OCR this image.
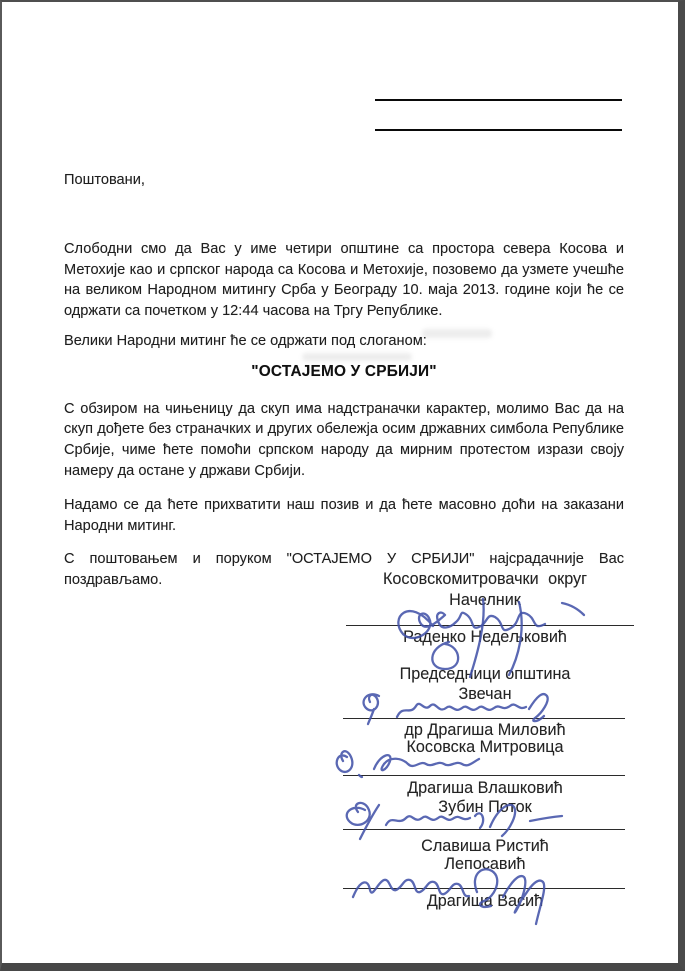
Поштовани,

Слободни смо да Вас у име четири општине са простора севера Косова и Метохије као и српског народа са Косова и Метохије, позовемо да узмете учешће на великом Народном митингу Срба у Београду 10. маја 2013. године који ће се одржати са почетком у 12:44 часова на Тргу Републике.

Велики Народни митинг ће се одржати под слоганом:

"ОСТАЈЕМО У СРБИЈИ"

С обзиром на чињеницу да скуп има надстраначки карактер, молимо Вас да на скуп дођете без страначких и других обележја осим државних симбола Републике Србије, чиме ћете помоћи српском народу да мирним протестом изрази своју намеру да остане у држави Србији.

Надамо се да ћете прихватити наш позив и да ћете масовно доћи на заказани Народни митинг.

С поштовањем и поруком "ОСТАЈЕМО У СРБИЈИ" најсрадачније Вас поздрављамо.	Косовскомитровачки округ
Начелник
Раденко Недељковић
Председници општина
Звечан
др Драгиша Миловић
Косовска Митровица
Драгиша Влашковић
Зубин Поток
Славиша Ристић
Лепосавић
Драгиша Васић
